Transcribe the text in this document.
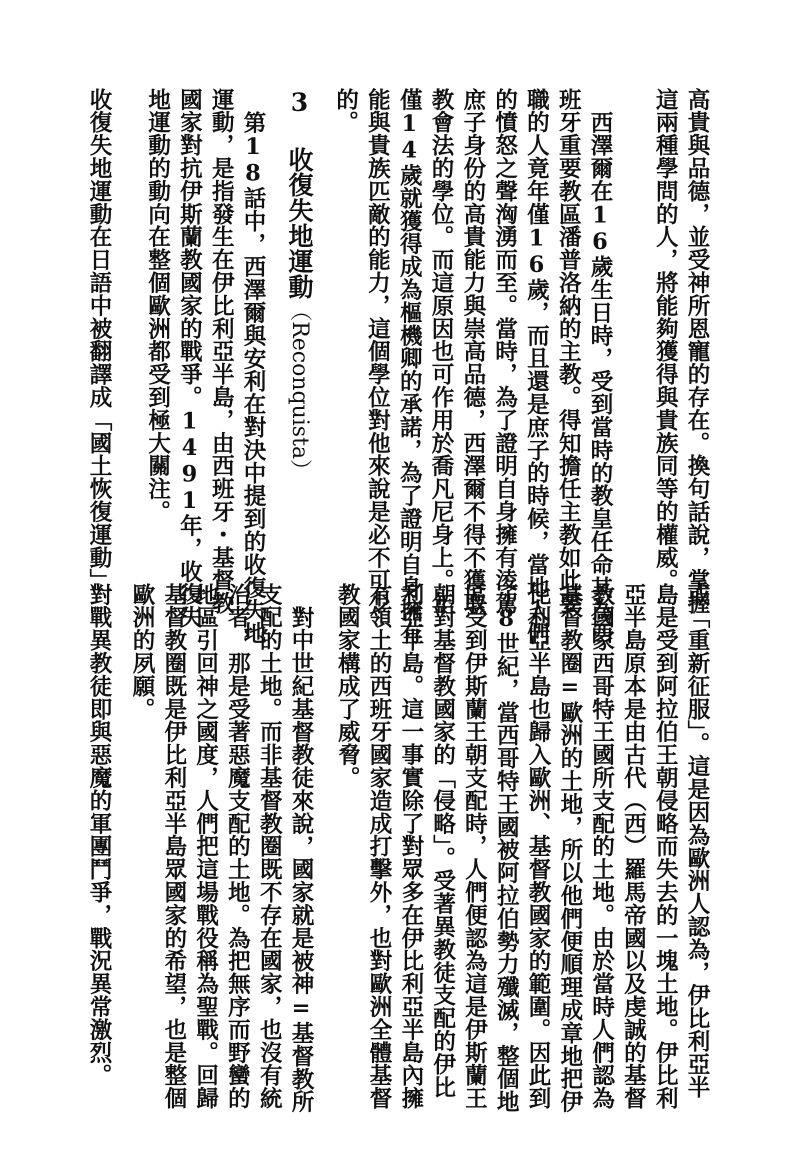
高貴與品德，並受神所恩寵的存在。換句話說，掌握
這兩種學問的人，將能夠獲得與貴族同等的權威。
西澤爾在16歲生日時，受到當時的教皇任命其為西
班牙重要教區潘普洛納的主教。得知擔任主教如此要
職的人竟年僅16歲，而且還是庶子的時候，當地人們
的憤怒之聲洶湧而至。當時，為了證明自身擁有淩駕
庶子身份的高貴能力與崇高品德，西澤爾不得不獲取
教會法的學位。而這原因也可作用於喬凡尼身上。年
僅14歲就獲得成為樞機卿的承諾，為了證明自身擁有
能與貴族匹敵的能力，這個學位對他來說是必不可少
的。
3 收復失地運動（Reconquista）
第18話中，西澤爾與安利在對決中提到的收復失地
運動，是指發生在伊比利亞半島，由西班牙・基督教
國家對抗伊斯蘭教國家的戰爭。1491年，收復失
地運動的動向在整個歐洲都受到極大關注。
收復失地運動在日語中被翻譯成「國土恢復運動」
或「重新征服」。這是因為歐洲人認為，伊比利亞半
島是受到阿拉伯王朝侵略而失去的一塊土地。伊比利
亞半島原本是由古代（西）羅馬帝國以及虔誠的基督
教國家西哥特王國所支配的土地。由於當時人們認為
基督教圈=歐洲的土地，所以他們便順理成章地把伊
比利亞半島也歸入歐洲、基督教國家的範圍。因此到
了8世紀，當西哥特王國被阿拉伯勢力殲滅，整個地
區受到伊斯蘭王朝支配時，人們便認為這是伊斯蘭王
朝對基督教國家的「侵略」。受著異教徒支配的伊比
利亞半島。這一事實除了對眾多在伊比利亞半島內擁
有領土的西班牙國家造成打擊外，也對歐洲全體基督
教國家構成了威脅。
對中世紀基督教徒來說，國家就是被神=基督教所
支配的土地。而非基督教圈既不存在國家，也沒有統
治者，那是受著惡魔支配的土地。為把無序而野蠻的
地區引回神之國度，人們把這場戰役稱為聖戰。回歸
基督教圈既是伊比利亞半島眾國家的希望，也是整個
歐洲的夙願。
對戰異教徒即與惡魔的軍團鬥爭，戰況異常激烈。
